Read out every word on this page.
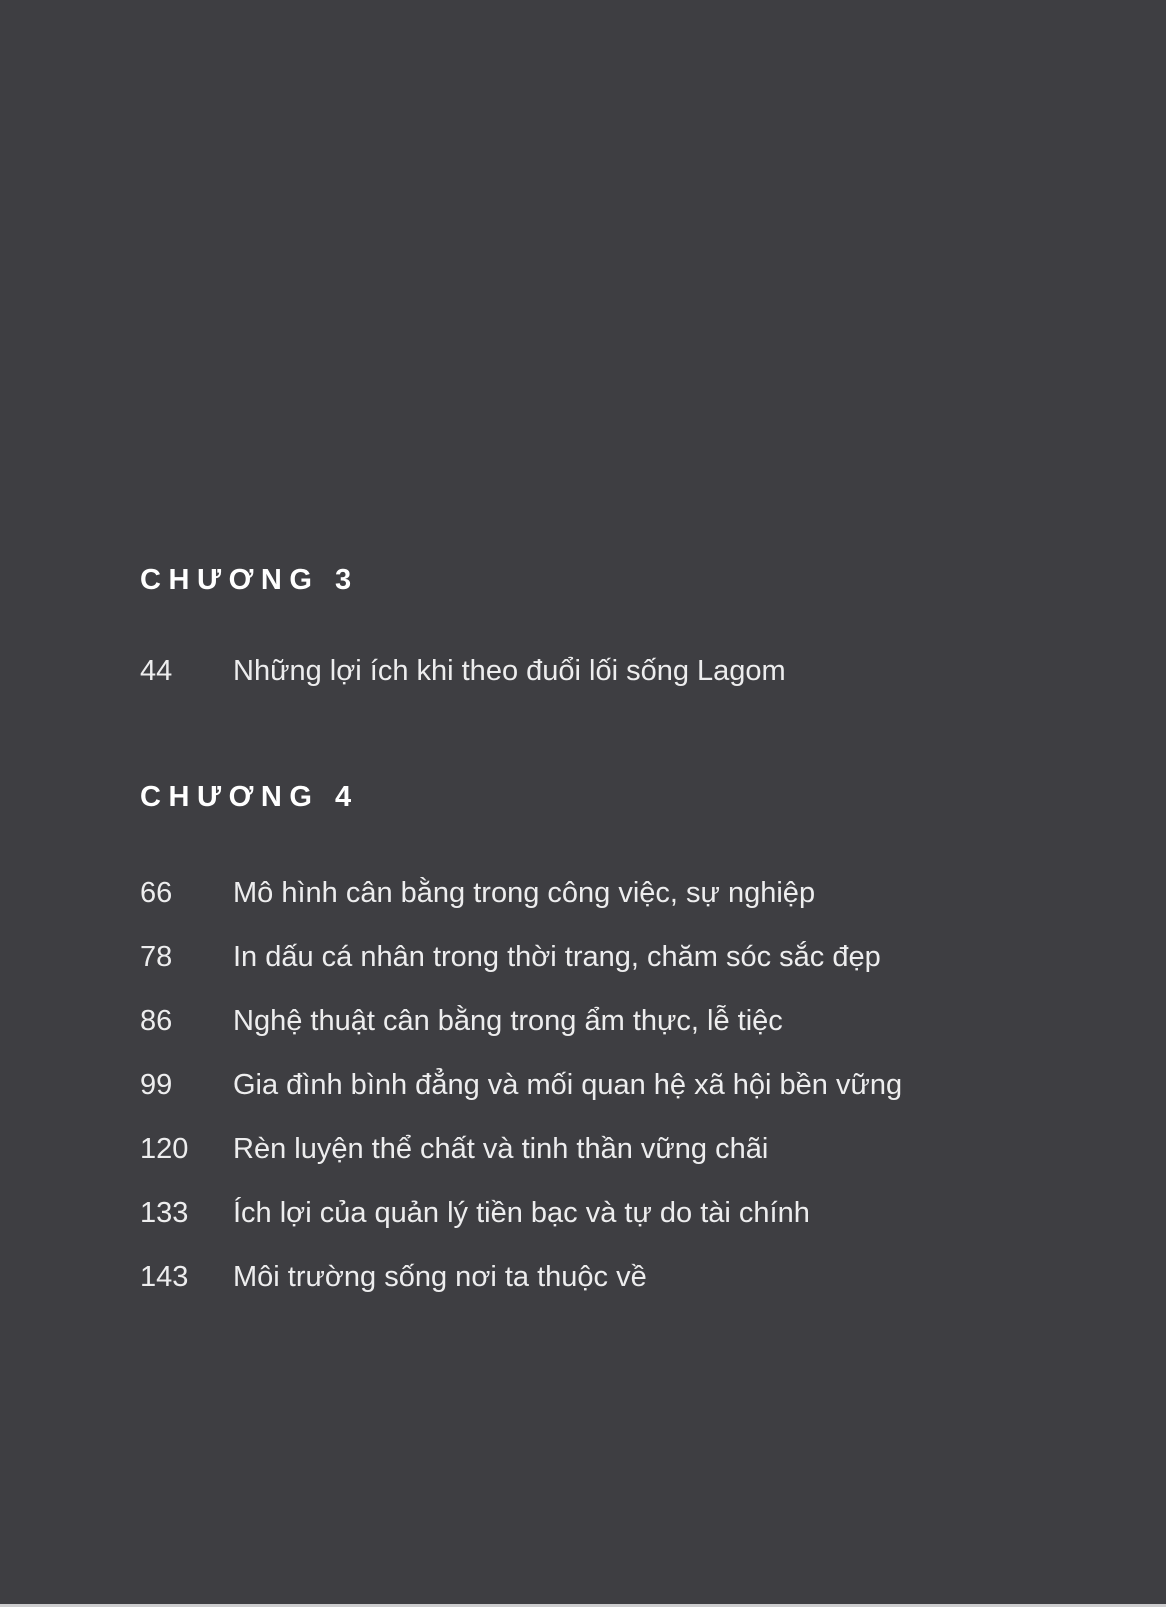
CHƯƠNG 3
44	Những lợi ích khi theo đuổi lối sống Lagom
CHƯƠNG 4
66	Mô hình cân bằng trong công việc, sự nghiệp
78	In dấu cá nhân trong thời trang, chăm sóc sắc đẹp
86	Nghệ thuật cân bằng trong ẩm thực, lễ tiệc
99	Gia đình bình đẳng và mối quan hệ xã hội bền vững
120	Rèn luyện thể chất và tinh thần vững chãi
133	Ích lợi của quản lý tiền bạc và tự do tài chính
143	Môi trường sống nơi ta thuộc về
